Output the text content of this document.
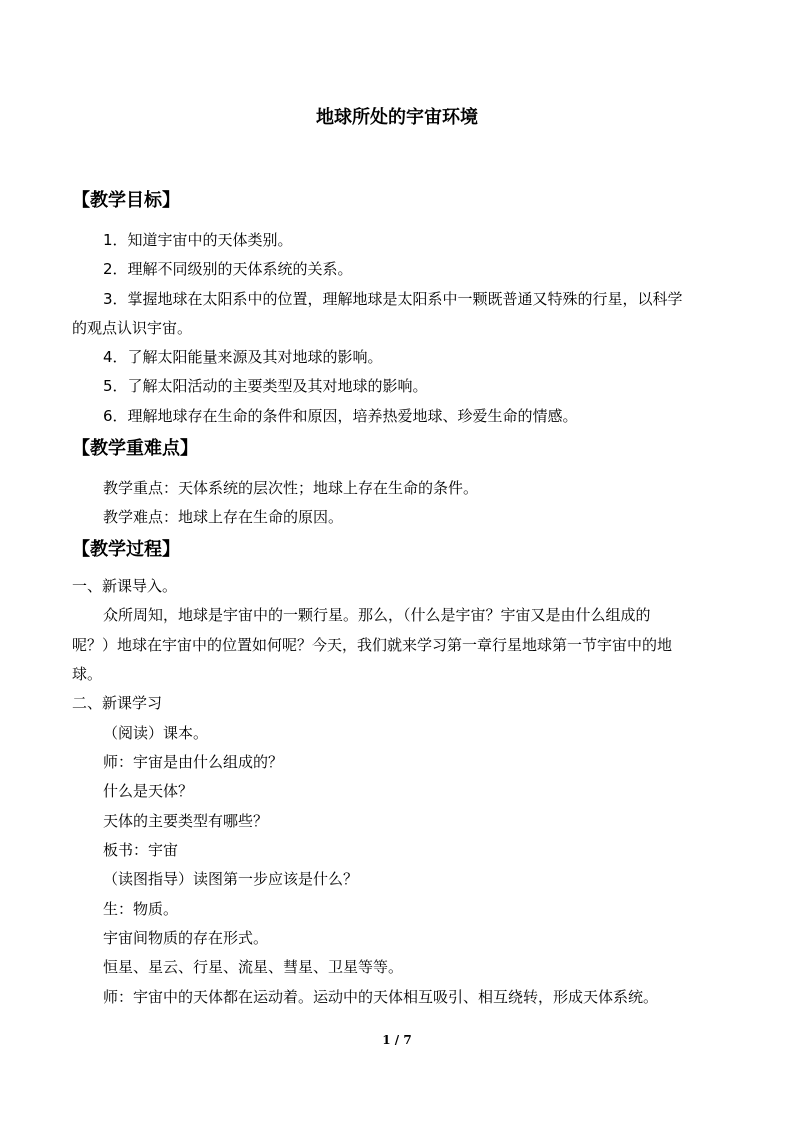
地球所处的宇宙环境
【教学目标】
1．知道宇宙中的天体类别。
2．理解不同级别的天体系统的关系。
3．掌握地球在太阳系中的位置，理解地球是太阳系中一颗既普通又特殊的行星，以科学
的观点认识宇宙。
4．了解太阳能量来源及其对地球的影响。
5．了解太阳活动的主要类型及其对地球的影响。
6．理解地球存在生命的条件和原因，培养热爱地球、珍爱生命的情感。
【教学重难点】
教学重点：天体系统的层次性；地球上存在生命的条件。
教学难点：地球上存在生命的原因。
【教学过程】
一、新课导入。
众所周知，地球是宇宙中的一颗行星。那么，（什么是宇宙？宇宙又是由什么组成的
呢？）地球在宇宙中的位置如何呢？今天，我们就来学习第一章行星地球第一节宇宙中的地
球。
二、新课学习
（阅读）课本。
师：宇宙是由什么组成的？
什么是天体？
天体的主要类型有哪些？
板书：宇宙
（读图指导）读图第一步应该是什么？
生：物质。
宇宙间物质的存在形式。
恒星、星云、行星、流星、彗星、卫星等等。
师：宇宙中的天体都在运动着。运动中的天体相互吸引、相互绕转，形成天体系统。
1 / 7
